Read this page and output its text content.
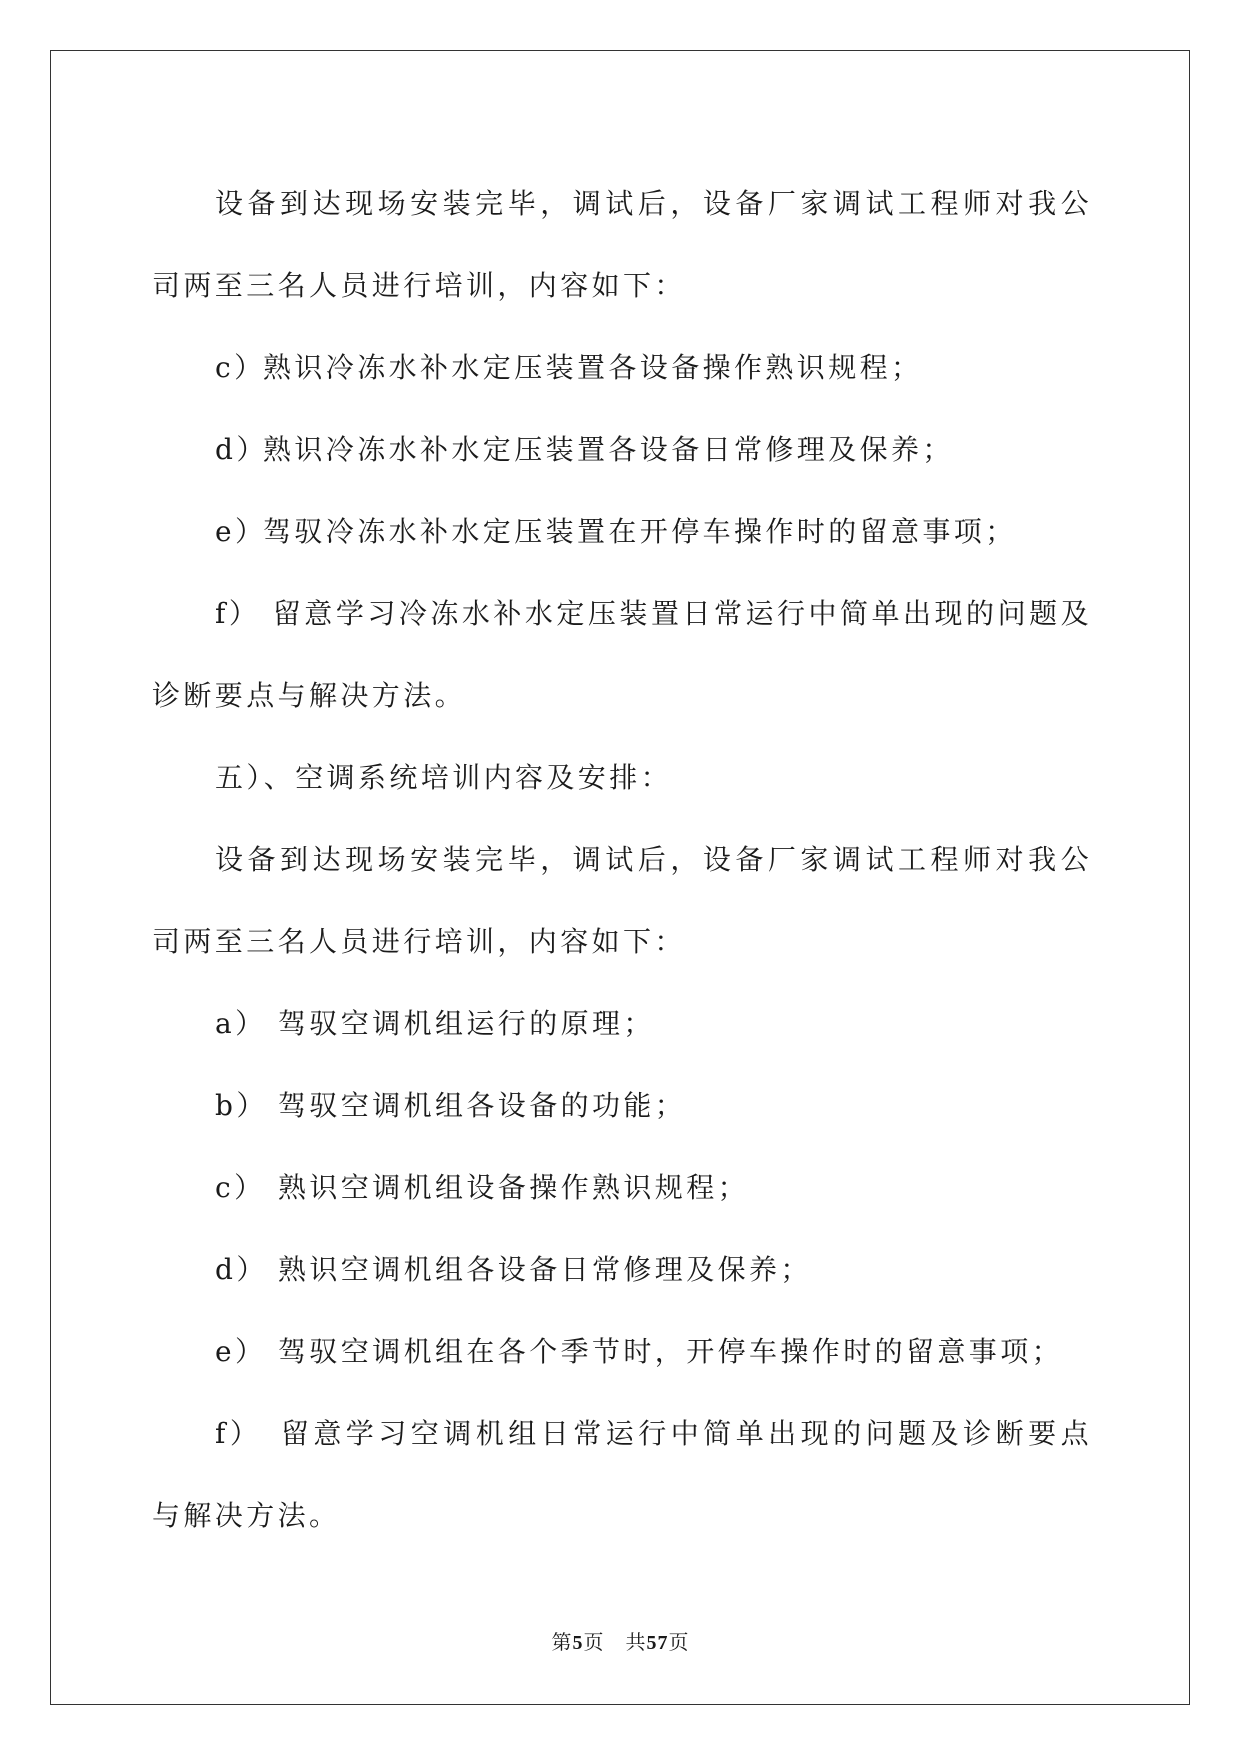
设备到达现场安装完毕，调试后，设备厂家调试工程师对我公司两至三名人员进行培训，内容如下：

c）熟识冷冻水补水定压装置各设备操作熟识规程；

d）熟识冷冻水补水定压装置各设备日常修理及保养；

e）驾驭冷冻水补水定压装置在开停车操作时的留意事项；

f） 留意学习冷冻水补水定压装置日常运行中简单出现的问题及诊断要点与解决方法。

五）、空调系统培训内容及安排：

设备到达现场安装完毕，调试后，设备厂家调试工程师对我公司两至三名人员进行培训，内容如下：

a） 驾驭空调机组运行的原理；

b） 驾驭空调机组各设备的功能；

c） 熟识空调机组设备操作熟识规程；

d） 熟识空调机组各设备日常修理及保养；

e） 驾驭空调机组在各个季节时，开停车操作时的留意事项；

f）　留意学习空调机组日常运行中简单出现的问题及诊断要点与解决方法。

第5页　共57页
